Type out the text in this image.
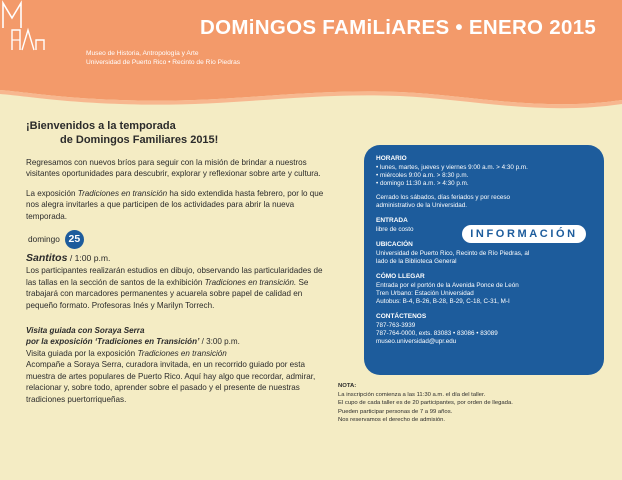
DOMiNGOS FAMiLiARES • ENERO 2015
Museo de Historia, Antropología y Arte
Universidad de Puerto Rico • Recinto de Río Piedras
¡Bienvenidos a la temporada
de Domingos Familiares 2015!

Regresamos con nuevos bríos para seguir con la misión de brindar a nuestros visitantes oportunidades para descubrir, explorar y reflexionar sobre arte y cultura.

La exposición Tradiciones en transición ha sido extendida hasta febrero, por lo que nos alegra invitarles a que participen de los actividades para abrir la nueva temporada.

domingo 25
Santitos / 1:00 p.m.

Los participantes realizarán estudios en dibujo, observando las particularidades de las tallas en la sección de santos de la exhibición Tradiciones en transición. Se trabajará con marcadores permanentes y acuarela sobre papel de calidad en pequeño formato. Profesoras Inés y Marilyn Torrech.

Visita guiada con Soraya Serra
por la exposición ‘Tradiciones en Transición’ / 3:00 p.m.
Visita guiada por la exposición Tradiciones en transición
Acompañe a Soraya Serra, curadora invitada, en un recorrido guiado por esta muestra de artes populares de Puerto Rico. Aquí hay algo que recordar, admirar, relacionar y, sobre todo, aprender sobre el pasado y el presente de nuestras tradiciones puertorriqueñas.
HORARIO
• lunes, martes, jueves y viernes 9:00 a.m. > 4:30 p.m.
• miércoles 9:00 a.m. > 8:30 p.m.
• domingo 11:30 a.m. > 4:30 p.m.
Cerrado los sábados, días feriados y por receso
administrativo de la Universidad.
ENTRADA
libre de costo
UBICACIÓN
Universidad de Puerto Rico, Recinto de Río Piedras, al
lado de la Biblioteca General
CÓMO LLEGAR
Entrada por el portón de la Avenida Ponce de León
Tren Urbano: Estación Universidad
Autobus: B-4, B-26, B-28, B-29, C-18, C-31, M-I
CONTÁCTENOS
787-763-3939
787-764-0000, exts. 83083 • 83086 • 83089
museo.universidad@upr.edu
INFORMACIÓN
NOTA:
La inscripción comienza a las 11:30 a.m. el día del taller.
El cupo de cada taller es de 20 participantes, por orden de llegada.
Pueden participar personas de 7 a 99 años.
Nos reservamos el derecho de admisión.
